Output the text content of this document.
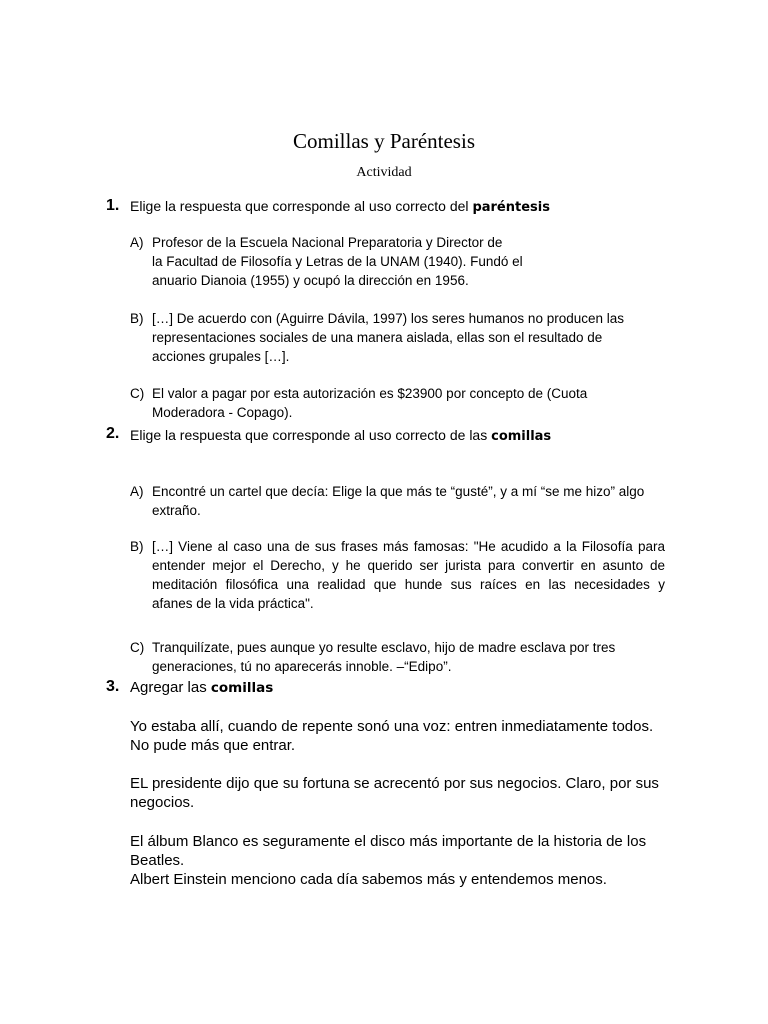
Comillas y Paréntesis
Actividad
1. Elige la respuesta que corresponde al uso correcto del paréntesis
A) Profesor de la Escuela Nacional Preparatoria y Director de
la Facultad de Filosofía y Letras de la UNAM (1940). Fundó el
anuario Dianoia (1955) y ocupó la dirección en 1956.
B) […] De acuerdo con (Aguirre Dávila, 1997) los seres humanos no producen las
representaciones sociales de una manera aislada, ellas son el resultado de
acciones grupales […].
C) El valor a pagar por esta autorización es $23900 por concepto de (Cuota
Moderadora - Copago).
2. Elige la respuesta que corresponde al uso correcto de las comillas
A) Encontré un cartel que decía: Elige la que más te “gusté”, y a mí “se me hizo” algo
extraño.
B) […] Viene al caso una de sus frases más famosas: "He acudido a la Filosofía para
entender mejor el Derecho, y he querido ser jurista para convertir en asunto de
meditación filosófica una realidad que hunde sus raíces en las necesidades y
afanes de la vida práctica".
C) Tranquilízate, pues aunque yo resulte esclavo, hijo de madre esclava por tres
generaciones, tú no aparecerás innoble. –“Edipo”.
3. Agregar las comillas
Yo estaba allí, cuando de repente sonó una voz: entren inmediatamente todos.
No pude más que entrar.
EL presidente dijo que su fortuna se acrecentó por sus negocios. Claro, por sus
negocios.
El álbum Blanco es seguramente el disco más importante de la historia de los
Beatles.
Albert Einstein menciono cada día sabemos más y entendemos menos.
